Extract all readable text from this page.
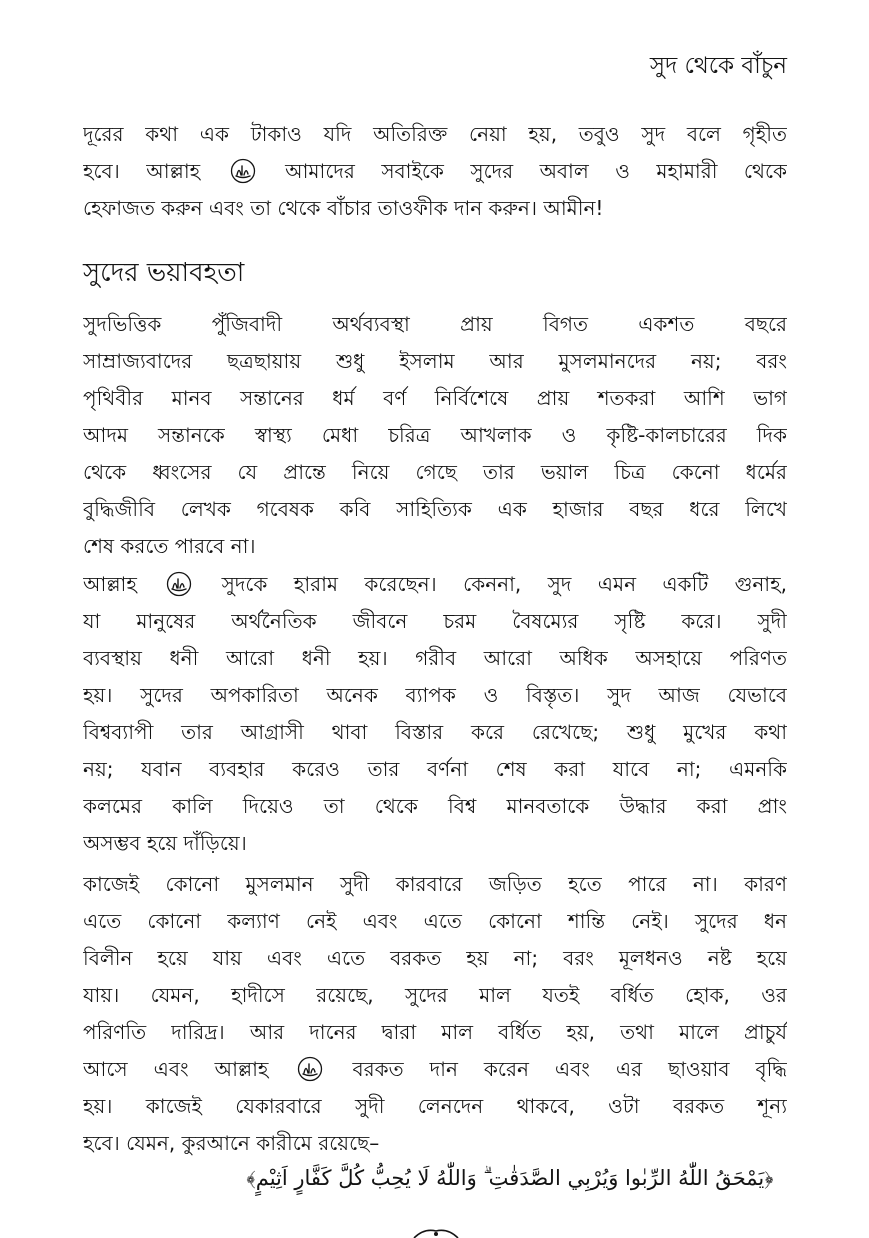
সুদ থেকে বাঁচুন
দূরের কথা এক টাকাও যদি অতিরিক্ত নেয়া হয়, তবুও সুদ বলে গৃহীত
হবে। আল্লাহ
আমাদের সবাইকে সুদের অবাল ও মহামারী থেকে
হেফাজত করুন এবং তা থেকে বাঁচার তাওফীক দান করুন। আমীন!
সুদের ভয়াবহতা
সুদভিত্তিক পুঁজিবাদী অর্থব্যবস্থা প্রায় বিগত একশত বছরে
সাম্রাজ্যবাদের ছত্রছায়ায় শুধু ইসলাম আর মুসলমানদের নয়; বরং
পৃথিবীর মানব সন্তানের ধর্ম বর্ণ নির্বিশেষে প্রায় শতকরা আশি ভাগ
আদম সন্তানকে স্বাস্থ্য মেধা চরিত্র আখলাক ও কৃষ্টি-কালচারের দিক
থেকে ধ্বংসের যে প্রান্তে নিয়ে গেছে তার ভয়াল চিত্র কেনো ধর্মের
বুদ্ধিজীবি লেখক গবেষক কবি সাহিত্যিক এক হাজার বছর ধরে লিখে
শেষ করতে পারবে না।
আল্লাহ
সুদকে হারাম করেছেন। কেননা, সুদ এমন একটি গুনাহ,
যা মানুষের অর্থনৈতিক জীবনে চরম বৈষম্যের সৃষ্টি করে। সুদী
ব্যবস্থায় ধনী আরো ধনী হয়। গরীব আরো অধিক অসহায়ে পরিণত
হয়। সুদের অপকারিতা অনেক ব্যাপক ও বিস্তৃত। সুদ আজ যেভাবে
বিশ্বব্যাপী তার আগ্রাসী থাবা বিস্তার করে রেখেছে; শুধু মুখের কথা
নয়; যবান ব্যবহার করেও তার বর্ণনা শেষ করা যাবে না; এমনকি
কলমের কালি দিয়েও তা থেকে বিশ্ব মানবতাকে উদ্ধার করা প্রাং
অসম্ভব হয়ে দাঁড়িয়ে।
কাজেই কোনো মুসলমান সুদী কারবারে জড়িত হতে পারে না। কারণ
এতে কোনো কল্যাণ নেই এবং এতে কোনো শান্তি নেই। সুদের ধন
বিলীন হয়ে যায় এবং এতে বরকত হয় না; বরং মূলধনও নষ্ট হয়ে
যায়। যেমন, হাদীসে রয়েছে, সুদের মাল যতই বর্ধিত হোক, ওর
পরিণতি দারিদ্র। আর দানের দ্বারা মাল বর্ধিত হয়, তথা মালে প্রাচুর্য
আসে এবং আল্লাহ
বরকত দান করেন এবং এর ছাওয়াব বৃদ্ধি
হয়। কাজেই যেকারবারে সুদী লেনদেন থাকবে, ওটা বরকত শূন্য
হবে। যেমন, কুরআনে কারীমে রয়েছে–
﴿يَمْحَقُ اللّٰهُ الرِّبٰوا وَيُرْبِي الصَّدَقٰتِ ۗ وَاللّٰهُ لَا يُحِبُّ كُلَّ كَفَّارٍ اَثِيْمٍ﴾
